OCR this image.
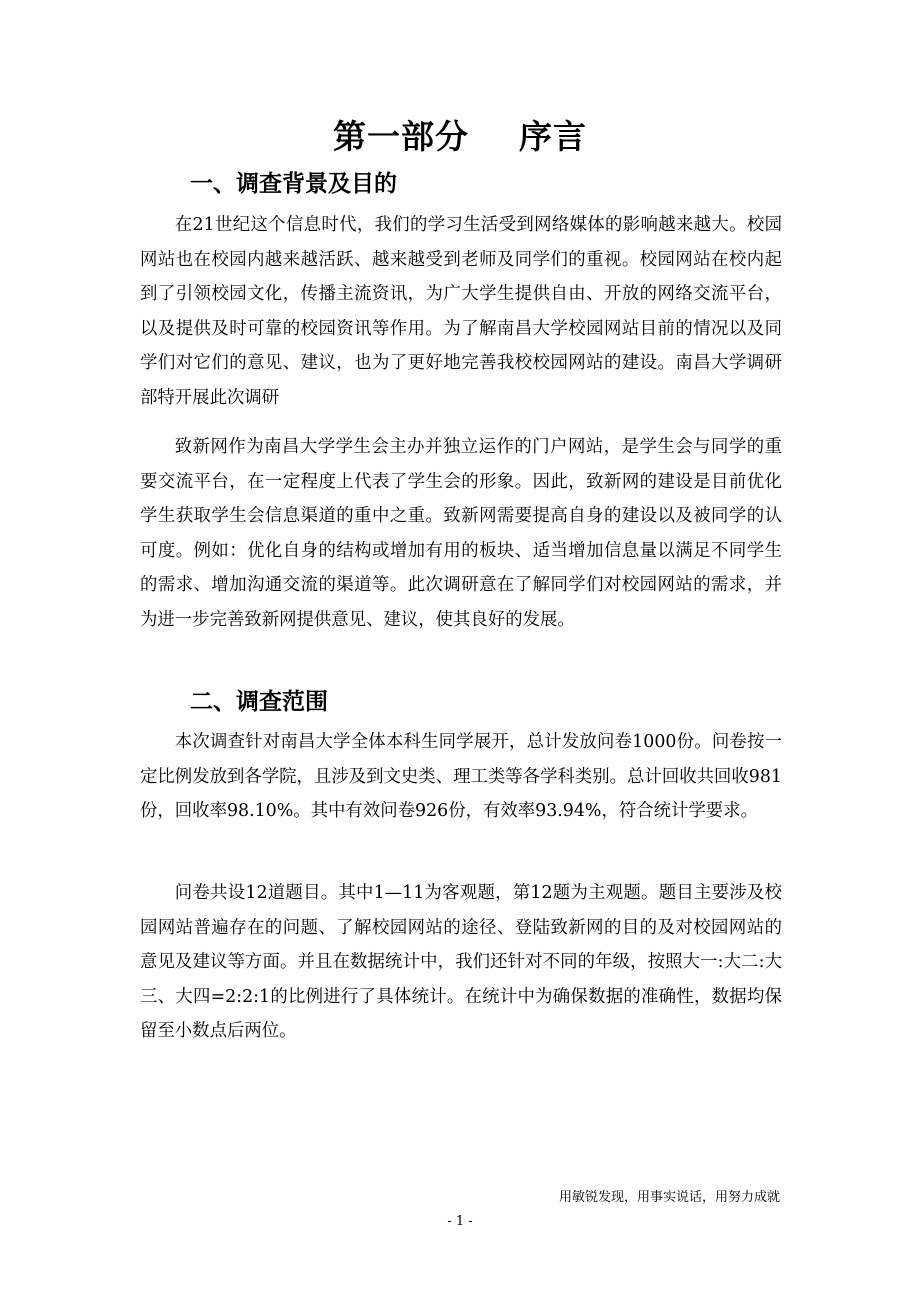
第一部分    序言
一、调查背景及目的

在21世纪这个信息时代，我们的学习生活受到网络媒体的影响越来越大。校园网站也在校园内越来越活跃、越来越受到老师及同学们的重视。校园网站在校内起到了引领校园文化，传播主流资讯，为广大学生提供自由、开放的网络交流平台，以及提供及时可靠的校园资讯等作用。为了解南昌大学校园网站目前的情况以及同学们对它们的意见、建议，也为了更好地完善我校校园网站的建设。南昌大学调研部特开展此次调研

致新网作为南昌大学学生会主办并独立运作的门户网站，是学生会与同学的重要交流平台，在一定程度上代表了学生会的形象。因此，致新网的建设是目前优化学生获取学生会信息渠道的重中之重。致新网需要提高自身的建设以及被同学的认可度。例如：优化自身的结构或增加有用的板块、适当增加信息量以满足不同学生的需求、增加沟通交流的渠道等。此次调研意在了解同学们对校园网站的需求，并为进一步完善致新网提供意见、建议，使其良好的发展。

二、调查范围

本次调查针对南昌大学全体本科生同学展开，总计发放问卷1000份。问卷按一定比例发放到各学院，且涉及到文史类、理工类等各学科类别。总计回收共回收981份，回收率98.10%。其中有效问卷926份，有效率93.94%，符合统计学要求。

问卷共设12道题目。其中1—11为客观题，第12题为主观题。题目主要涉及校园网站普遍存在的问题、了解校园网站的途径、登陆致新网的目的及对校园网站的意见及建议等方面。并且在数据统计中，我们还针对不同的年级，按照大一:大二:大三、大四=2:2:1的比例进行了具体统计。在统计中为确保数据的准确性，数据均保留至小数点后两位。

用敏锐发现，用事实说话，用努力成就
- 1 -
